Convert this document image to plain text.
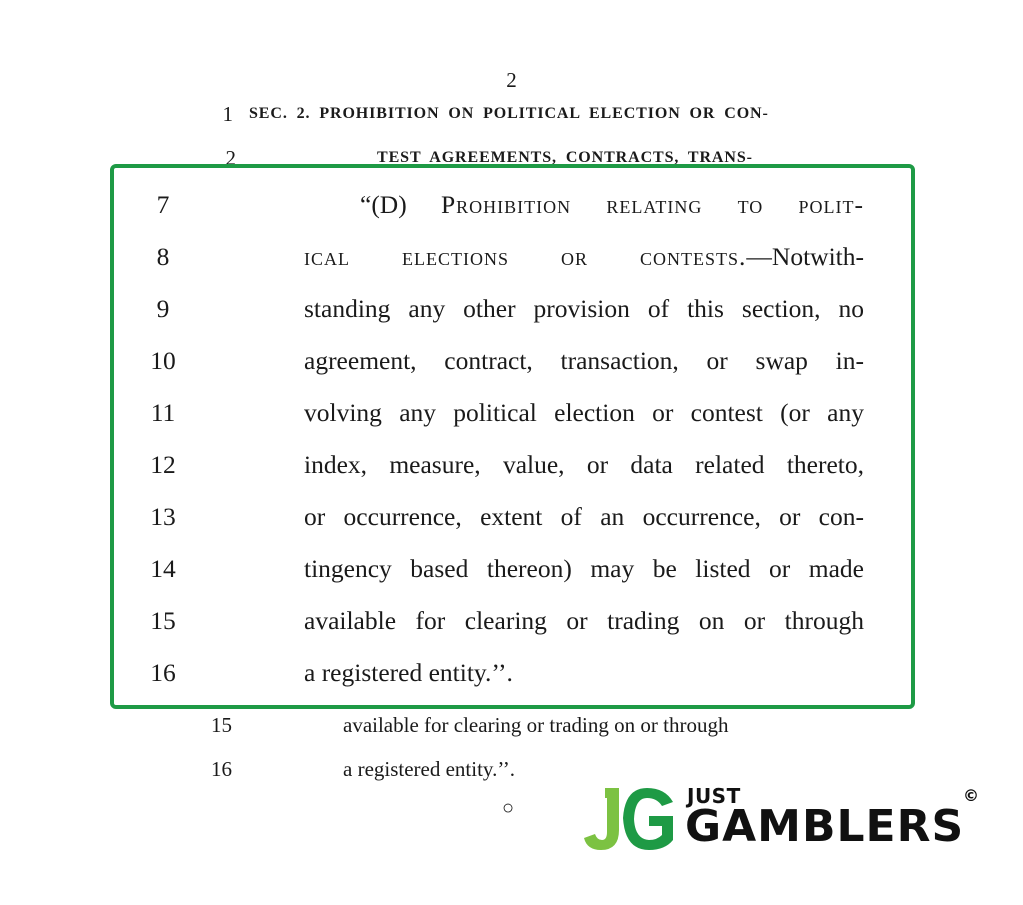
2
1 SEC. 2. PROHIBITION ON POLITICAL ELECTION OR CON-
2	TEST AGREEMENTS, CONTRACTS, TRANS-
7	“(D) Prohibition relating to polit-
8	ical elections or contests.—Notwith-
9	standing any other provision of this section, no
10	agreement, contract, transaction, or swap in-
11	volving any political election or contest (or any
12	index, measure, value, or data related thereto,
13	or occurrence, extent of an occurrence, or con-
14	tingency based thereon) may be listed or made
15	available for clearing or trading on or through
16	a registered entity.’’.
15	available for clearing or trading on or through
16	a registered entity.’’.
○	JUST
GAMBLERS
©
